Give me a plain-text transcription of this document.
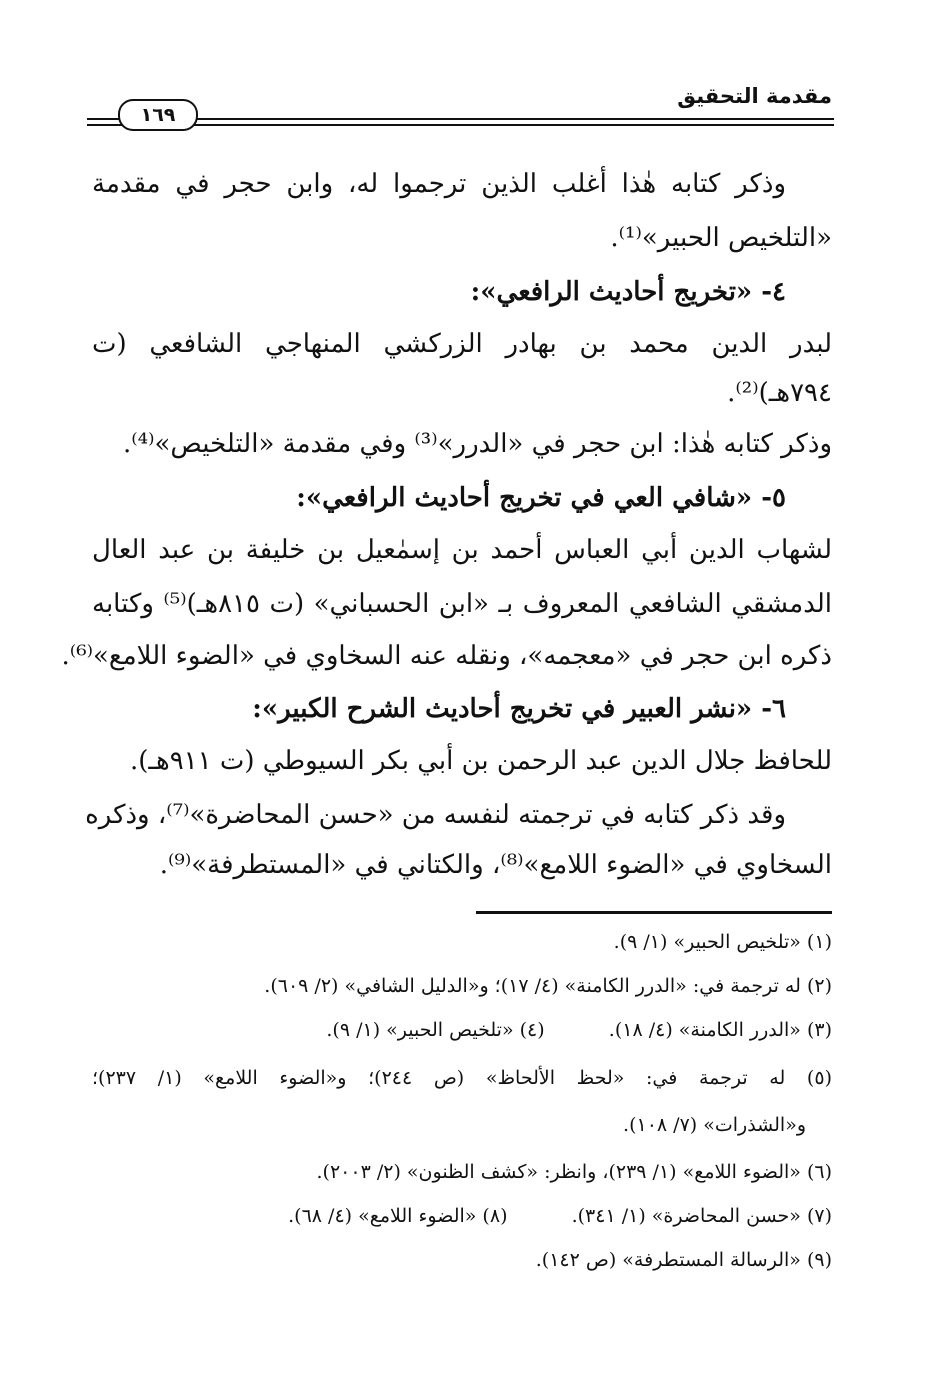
مقدمة التحقيق
١٦٩
وذكر كتابه هٰذا أغلب الذين ترجموا له، وابن حجر في مقدمة
«التلخيص الحبير»⁽¹⁾.
٤- «تخريج أحاديث الرافعي»:
لبدر الدين محمد بن بهادر الزركشي المنهاجي الشافعي (ت
٧٩٤هـ)⁽²⁾.
وذكر كتابه هٰذا: ابن حجر في «الدرر»⁽³⁾ وفي مقدمة «التلخيص»⁽⁴⁾.
٥- «شافي العي في تخريج أحاديث الرافعي»:
لشهاب الدين أبي العباس أحمد بن إسمٰعيل بن خليفة بن عبد العال
الدمشقي الشافعي المعروف بـ «ابن الحسباني» (ت ٨١٥هـ)⁽⁵⁾ وكتابه
ذكره ابن حجر في «معجمه»، ونقله عنه السخاوي في «الضوء اللامع»⁽⁶⁾.
٦- «نشر العبير في تخريج أحاديث الشرح الكبير»:
للحافظ جلال الدين عبد الرحمن بن أبي بكر السيوطي (ت ٩١١هـ).
وقد ذكر كتابه في ترجمته لنفسه من «حسن المحاضرة»⁽⁷⁾، وذكره
السخاوي في «الضوء اللامع»⁽⁸⁾، والكتاني في «المستطرفة»⁽⁹⁾.
(١) «تلخيص الحبير» (١/ ٩).
(٢) له ترجمة في: «الدرر الكامنة» (٤/ ١٧)؛ و«الدليل الشافي» (٢/ ٦٠٩).
(٣) «الدرر الكامنة» (٤/ ١٨).  (٤) «تلخيص الحبير» (١/ ٩).
(٥) له ترجمة في: «لحظ الألحاظ» (ص ٢٤٤)؛ و«الضوء اللامع» (١/ ٢٣٧)؛
و«الشذرات» (٧/ ١٠٨).
(٦) «الضوء اللامع» (١/ ٢٣٩)، وانظر: «كشف الظنون» (٢/ ٢٠٠٣).
(٧) «حسن المحاضرة» (١/ ٣٤١).  (٨) «الضوء اللامع» (٤/ ٦٨).
(٩) «الرسالة المستطرفة» (ص ١٤٢).
